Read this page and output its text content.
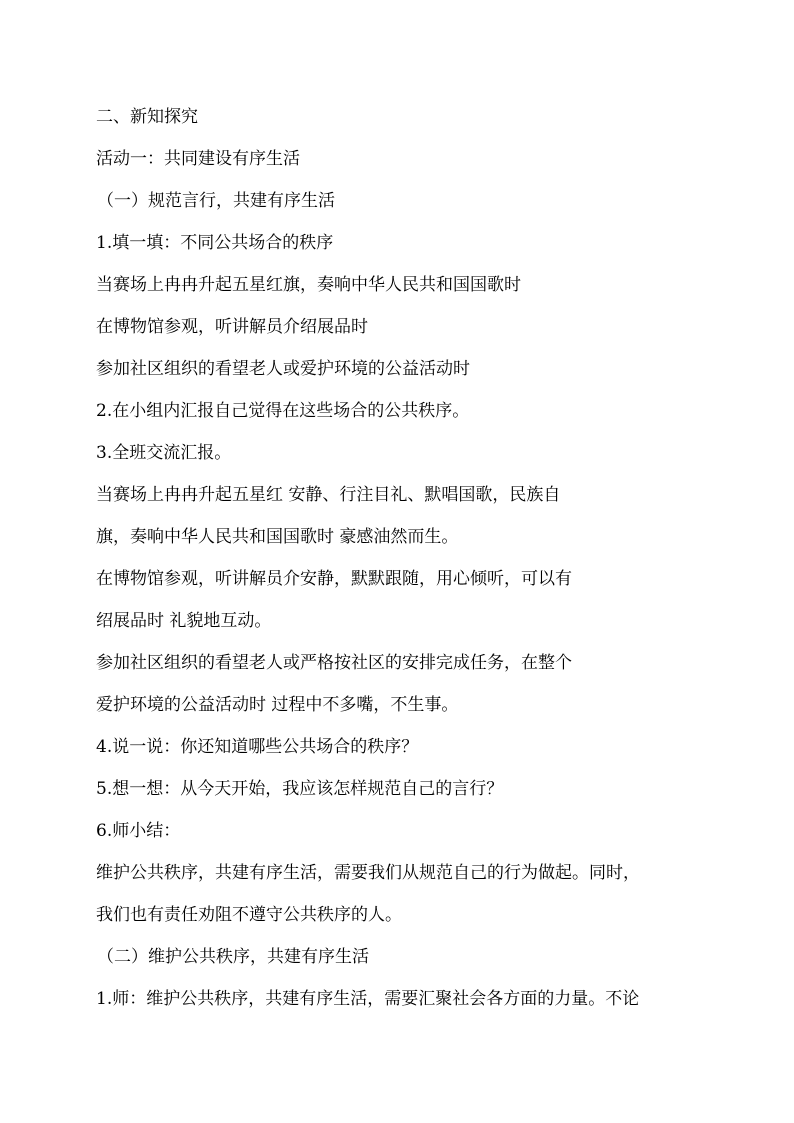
二、新知探究

活动一：共同建设有序生活

（一）规范言行，共建有序生活

1.填一填：不同公共场合的秩序

当赛场上冉冉升起五星红旗，奏响中华人民共和国国歌时

在博物馆参观，听讲解员介绍展品时

参加社区组织的看望老人或爱护环境的公益活动时

2.在小组内汇报自己觉得在这些场合的公共秩序。

3.全班交流汇报。

当赛场上冉冉升起五星红 安静、行注目礼、默唱国歌，民族自

旗，奏响中华人民共和国国歌时 豪感油然而生。

在博物馆参观，听讲解员介安静，默默跟随，用心倾听，可以有

绍展品时 礼貌地互动。

参加社区组织的看望老人或严格按社区的安排完成任务，在整个

爱护环境的公益活动时 过程中不多嘴，不生事。

4.说一说：你还知道哪些公共场合的秩序？

5.想一想：从今天开始，我应该怎样规范自己的言行？

6.师小结：

维护公共秩序，共建有序生活，需要我们从规范自己的行为做起。同时，

我们也有责任劝阻不遵守公共秩序的人。

（二）维护公共秩序，共建有序生活

1.师：维护公共秩序，共建有序生活，需要汇聚社会各方面的力量。不论
